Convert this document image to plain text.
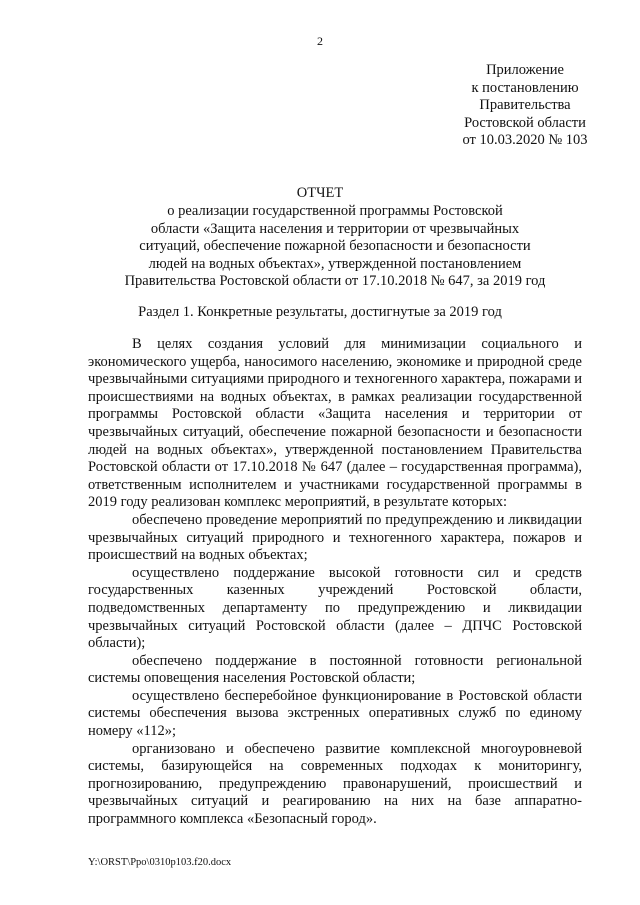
2
Приложение
к постановлению
Правительства
Ростовской области
от 10.03.2020 № 103
ОТЧЕТ
о реализации государственной программы Ростовской
области «Защита населения и территории от чрезвычайных
ситуаций, обеспечение пожарной безопасности и безопасности
людей на водных объектах», утвержденной постановлением
Правительства Ростовской области от 17.10.2018 № 647, за 2019 год
Раздел 1. Конкретные результаты, достигнутые за 2019 год

В целях создания условий для минимизации социального и экономического ущерба, наносимого населению, экономике и природной среде чрезвычайными ситуациями природного и техногенного характера, пожарами и происшествиями на водных объектах, в рамках реализации государственной программы Ростовской области «Защита населения и территории от чрезвычайных ситуаций, обеспечение пожарной безопасности и безопасности людей на водных объектах», утвержденной постановлением Правительства Ростовской области от 17.10.2018 № 647 (далее – государственная программа), ответственным исполнителем и участниками государственной программы в 2019 году реализован комплекс мероприятий, в результате которых:

обеспечено проведение мероприятий по предупреждению и ликвидации чрезвычайных ситуаций природного и техногенного характера, пожаров и происшествий на водных объектах;

осуществлено поддержание высокой готовности сил и средств государственных казенных учреждений Ростовской области, подведомственных департаменту по предупреждению и ликвидации чрезвычайных ситуаций Ростовской области (далее – ДПЧС Ростовской области);

обеспечено поддержание в постоянной готовности региональной системы оповещения населения Ростовской области;

осуществлено бесперебойное функционирование в Ростовской области системы обеспечения вызова экстренных оперативных служб по единому номеру «112»;

организовано и обеспечено развитие комплексной многоуровневой системы, базирующейся на современных подходах к мониторингу, прогнозированию, предупреждению правонарушений, происшествий и чрезвычайных ситуаций и реагированию на них на базе аппаратно-программного комплекса «Безопасный город».

Y:\ORST\Ppo\0310p103.f20.docx
